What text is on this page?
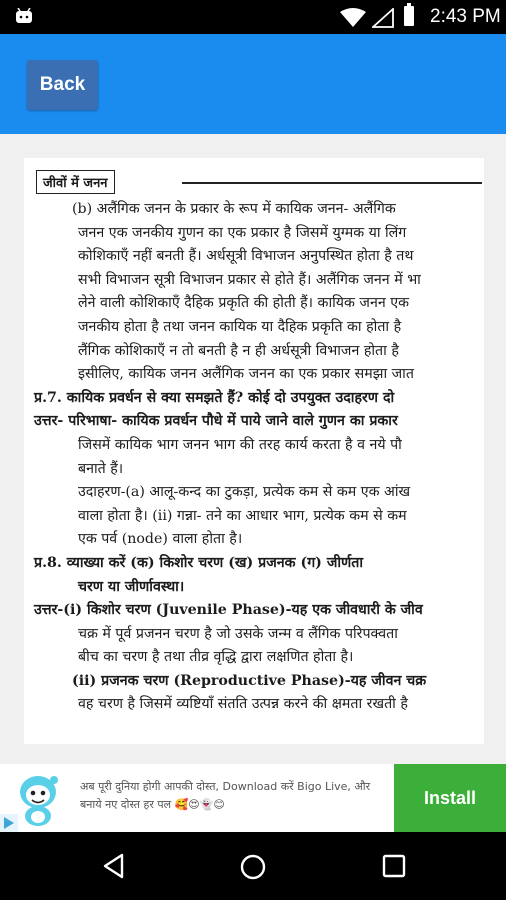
2:43 PM
Back
जीवों में जनन
(b) अलैंगिक जनन के प्रकार के रूप में कायिक जनन- अलैंगिक
जनन एक जनकीय गुणन का एक प्रकार है जिसमें युग्मक या लिंग
कोशिकाएँ नहीं बनती हैं। अर्धसूत्री विभाजन अनुपस्थित होता है तथ
सभी विभाजन सूत्री विभाजन प्रकार से होते हैं। अलैंगिक जनन में भा
लेने वाली कोशिकाएँ दैहिक प्रकृति की होती हैं। कायिक जनन एक
जनकीय होता है तथा जनन कायिक या दैहिक प्रकृति का होता है
लैंगिक कोशिकाएँ न तो बनती है न ही अर्धसूत्री विभाजन होता है
इसीलिए, कायिक जनन अलैंगिक जनन का एक प्रकार समझा जात
प्र.7. कायिक प्रवर्धन से क्या समझते हैं? कोई दो उपयुक्त उदाहरण दो
उत्तर- परिभाषा- कायिक प्रवर्धन पौधे में पाये जाने वाले गुणन का प्रकार
जिसमें कायिक भाग जनन भाग की तरह कार्य करता है व नये पौ
बनाते हैं।
उदाहरण-(a) आलू-कन्द का टुकड़ा, प्रत्येक कम से कम एक आंख
वाला होता है। (ii) गन्ना- तने का आधार भाग, प्रत्येक कम से कम
एक पर्व (node) वाला होता है।
प्र.8. व्याख्या करें (क) किशोर चरण (ख) प्रजनक (ग) जीर्णता
चरण या जीर्णावस्था।
उत्तर-(i) किशोर चरण (Juvenile Phase)-यह एक जीवधारी के जीव
चक्र में पूर्व प्रजनन चरण है जो उसके जन्म व लैंगिक परिपक्वता
बीच का चरण है तथा तीव्र वृद्धि द्वारा लक्षणित होता है।
(ii) प्रजनक चरण (Reproductive Phase)-यह जीवन चक्र
वह चरण है जिसमें व्यष्टियाँ संतति उत्पन्न करने की क्षमता रखती है
अब पूरी दुनिया होगी आपकी दोस्त, Download करें Bigo Live, और बनाये नए दोस्त हर पल 🥰😍👻😊	Install
